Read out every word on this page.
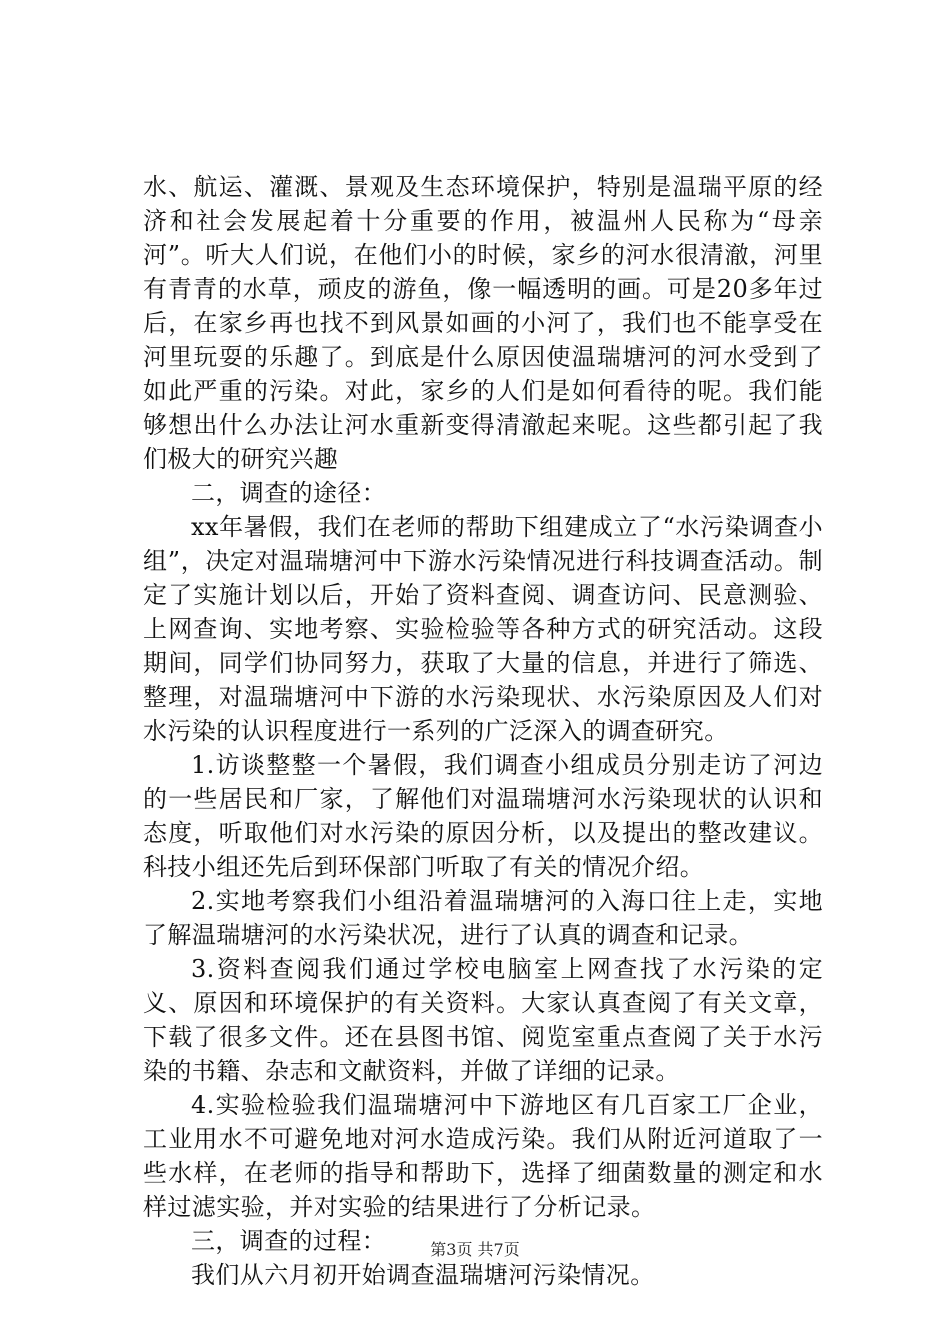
水、航运、灌溉、景观及生态环境保护，特别是温瑞平原的经济和社会发展起着十分重要的作用，被温州人民称为“母亲河”。听大人们说，在他们小的时候，家乡的河水很清澈，河里有青青的水草，顽皮的游鱼，像一幅透明的画。可是20多年过后，在家乡再也找不到风景如画的小河了，我们也不能享受在河里玩耍的乐趣了。到底是什么原因使温瑞塘河的河水受到了如此严重的污染。对此，家乡的人们是如何看待的呢。我们能够想出什么办法让河水重新变得清澈起来呢。这些都引起了我们极大的研究兴趣

二，调查的途径：

xx年暑假，我们在老师的帮助下组建成立了“水污染调查小组”，决定对温瑞塘河中下游水污染情况进行科技调查活动。制定了实施计划以后，开始了资料查阅、调查访问、民意测验、上网查询、实地考察、实验检验等各种方式的研究活动。这段期间，同学们协同努力，获取了大量的信息，并进行了筛选、整理，对温瑞塘河中下游的水污染现状、水污染原因及人们对水污染的认识程度进行一系列的广泛深入的调查研究。

1.访谈整整一个暑假，我们调查小组成员分别走访了河边的一些居民和厂家，了解他们对温瑞塘河水污染现状的认识和态度，听取他们对水污染的原因分析，以及提出的整改建议。科技小组还先后到环保部门听取了有关的情况介绍。

2.实地考察我们小组沿着温瑞塘河的入海口往上走，实地了解温瑞塘河的水污染状况，进行了认真的调查和记录。

3.资料查阅我们通过学校电脑室上网查找了水污染的定义、原因和环境保护的有关资料。大家认真查阅了有关文章，下载了很多文件。还在县图书馆、阅览室重点查阅了关于水污染的书籍、杂志和文献资料，并做了详细的记录。

4.实验检验我们温瑞塘河中下游地区有几百家工厂企业，工业用水不可避免地对河水造成污染。我们从附近河道取了一些水样，在老师的指导和帮助下，选择了细菌数量的测定和水样过滤实验，并对实验的结果进行了分析记录。

三，调查的过程：

我们从六月初开始调查温瑞塘河污染情况。

第3页 共7页
